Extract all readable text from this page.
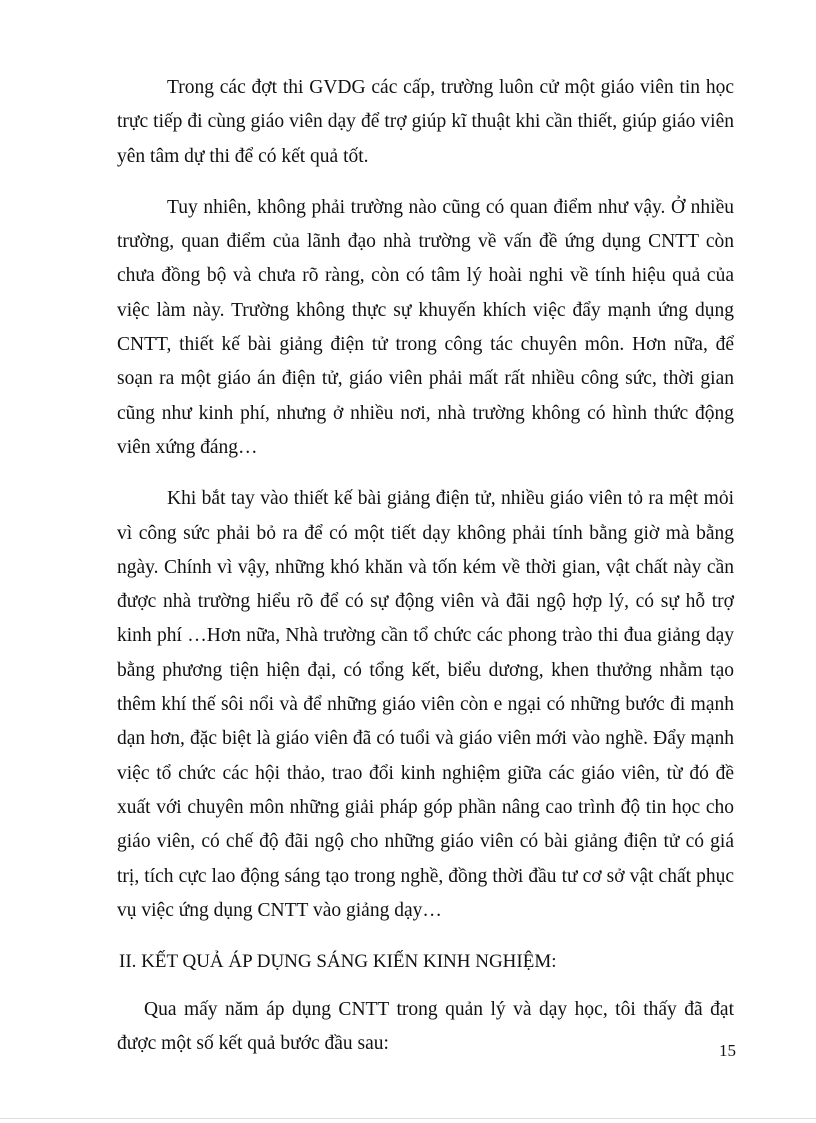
Trong các đợt thi GVDG các cấp, trường luôn cử một giáo viên tin học trực tiếp đi cùng giáo viên dạy để trợ giúp kĩ thuật khi cần thiết, giúp giáo viên yên tâm dự thi để có kết quả tốt.

Tuy nhiên, không phải trường nào cũng có quan điểm như vậy. Ở nhiều trường, quan điểm của lãnh đạo nhà trường về vấn đề ứng dụng CNTT còn chưa đồng bộ và chưa rõ ràng, còn có tâm lý hoài nghi về tính hiệu quả của việc làm này. Trường không thực sự khuyến khích việc đẩy mạnh ứng dụng CNTT, thiết kế bài giảng điện tử trong công tác chuyên môn. Hơn nữa, để soạn ra một giáo án điện tử, giáo viên phải mất rất nhiều công sức, thời gian cũng như kinh phí, nhưng ở nhiều nơi, nhà trường không có hình thức động viên xứng đáng…

Khi bắt tay vào thiết kế bài giảng điện tử, nhiều giáo viên tỏ ra mệt mỏi vì công sức phải bỏ ra để có một tiết dạy không phải tính bằng giờ mà bằng ngày. Chính vì vậy, những khó khăn và tốn kém về thời gian, vật chất này cần được nhà trường hiểu rõ để có sự động viên và đãi ngộ hợp lý, có sự hỗ trợ kinh phí …Hơn nữa, Nhà trường cần tổ chức các phong trào thi đua giảng dạy bằng phương tiện hiện đại, có tổng kết, biểu dương, khen thưởng nhằm tạo thêm khí thế sôi nổi và để những giáo viên còn e ngại có những bước đi mạnh dạn hơn, đặc biệt là giáo viên đã có tuổi và giáo viên mới vào nghề. Đẩy mạnh việc tổ chức các hội thảo, trao đổi kinh nghiệm giữa các giáo viên, từ đó đề xuất với chuyên môn những giải pháp góp phần nâng cao trình độ tin học cho giáo viên, có chế độ đãi ngộ cho những giáo viên có bài giảng điện tử có giá trị, tích cực lao động sáng tạo trong nghề, đồng thời đầu tư cơ sở vật chất phục vụ việc ứng dụng CNTT vào giảng dạy…

II. KẾT QUẢ ÁP DỤNG SÁNG KIẾN KINH NGHIỆM:

Qua mấy năm áp dụng CNTT trong quản lý và dạy học, tôi thấy đã đạt được một số kết quả bước đầu sau:	15
